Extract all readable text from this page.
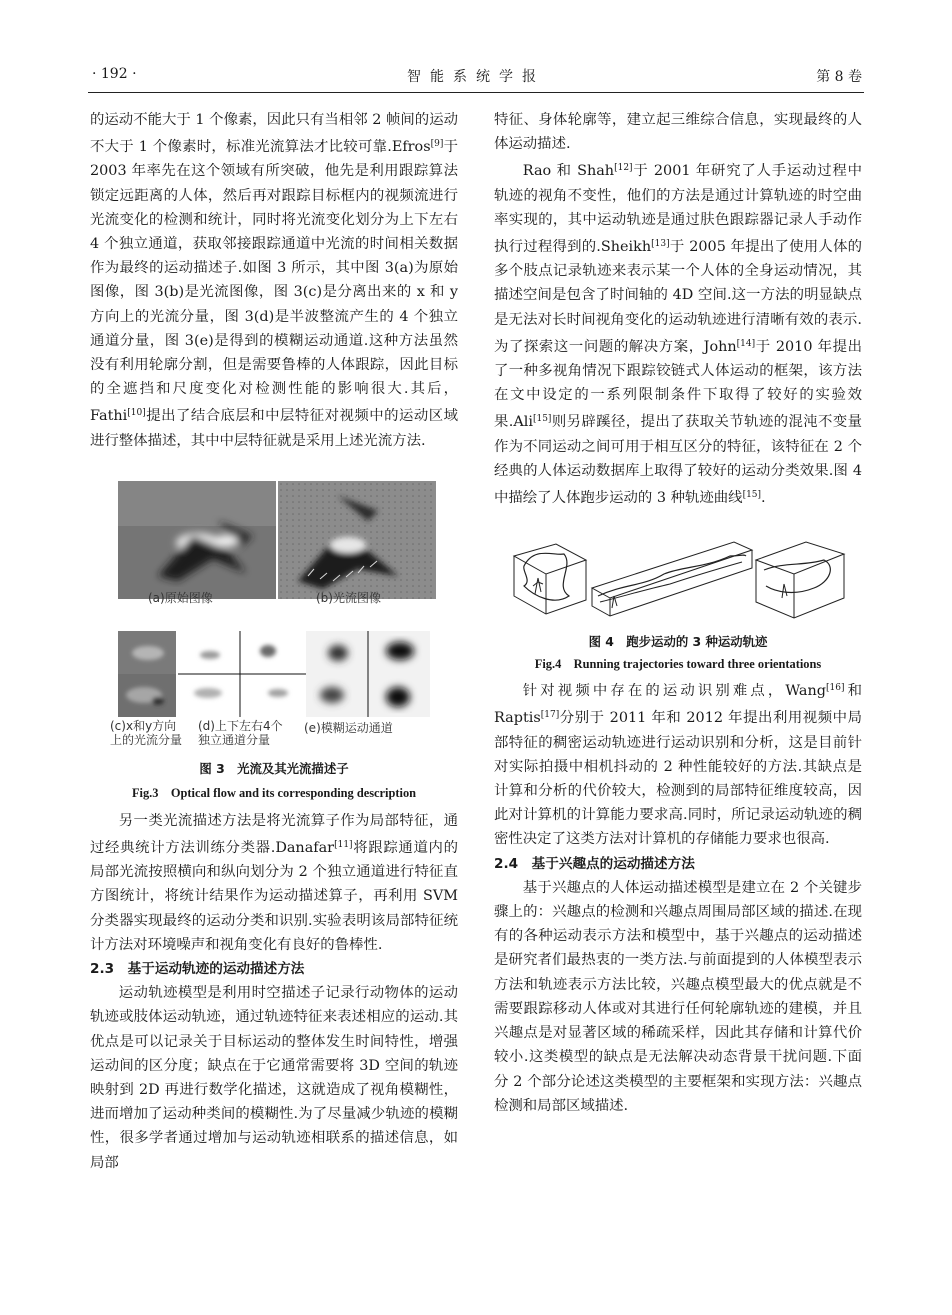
· 192 ·	智能系统学报	第 8 卷

的运动不能大于 1 个像素，因此只有当相邻 2 帧间的运动不大于 1 个像素时，标准光流算法才比较可靠.Efros[9]于 2003 年率先在这个领域有所突破，他先是利用跟踪算法锁定远距离的人体，然后再对跟踪目标框内的视频流进行光流变化的检测和统计，同时将光流变化划分为上下左右 4 个独立通道，获取邻接跟踪通道中光流的时间相关数据作为最终的运动描述子.如图 3 所示，其中图 3(a)为原始图像，图 3(b)是光流图像，图 3(c)是分离出来的 x 和 y 方向上的光流分量，图 3(d)是半波整流产生的 4 个独立通道分量，图 3(e)是得到的模糊运动通道.这种方法虽然没有利用轮廓分割，但是需要鲁棒的人体跟踪，因此目标的全遮挡和尺度变化对检测性能的影响很大.其后，Fathi[10]提出了结合底层和中层特征对视频中的运动区域进行整体描述，其中中层特征就是采用上述光流方法.

(a)原始图像	(b)光流图像
(c)x和y方向
上的光流分量
(d)上下左右4个
独立通道分量
(e)模糊运动通道
图 3　光流及其光流描述子
Fig.3　Optical flow and its corresponding description

另一类光流描述方法是将光流算子作为局部特征，通过经典统计方法训练分类器.Danafar[11]将跟踪通道内的局部光流按照横向和纵向划分为 2 个独立通道进行特征直方图统计，将统计结果作为运动描述算子，再利用 SVM 分类器实现最终的运动分类和识别.实验表明该局部特征统计方法对环境噪声和视角变化有良好的鲁棒性.

2.3　基于运动轨迹的运动描述方法

运动轨迹模型是利用时空描述子记录行动物体的运动轨迹或肢体运动轨迹，通过轨迹特征来表述相应的运动.其优点是可以记录关于目标运动的整体发生时间特性，增强运动间的区分度；缺点在于它通常需要将 3D 空间的轨迹映射到 2D 再进行数学化描述，这就造成了视角模糊性，进而增加了运动种类间的模糊性.为了尽量减少轨迹的模糊性，很多学者通过增加与运动轨迹相联系的描述信息，如局部

特征、身体轮廓等，建立起三维综合信息，实现最终的人体运动描述.

Rao 和 Shah[12]于 2001 年研究了人手运动过程中轨迹的视角不变性，他们的方法是通过计算轨迹的时空曲率实现的，其中运动轨迹是通过肤色跟踪器记录人手动作执行过程得到的.Sheikh[13]于 2005 年提出了使用人体的多个肢点记录轨迹来表示某一个人体的全身运动情况，其描述空间是包含了时间轴的 4D 空间.这一方法的明显缺点是无法对长时间视角变化的运动轨迹进行清晰有效的表示.为了探索这一问题的解决方案，John[14]于 2010 年提出了一种多视角情况下跟踪铰链式人体运动的框架，该方法在文中设定的一系列限制条件下取得了较好的实验效果.Ali[15]则另辟蹊径，提出了获取关节轨迹的混沌不变量作为不同运动之间可用于相互区分的特征，该特征在 2 个经典的人体运动数据库上取得了较好的运动分类效果.图 4 中描绘了人体跑步运动的 3 种轨迹曲线[15].

图 4　跑步运动的 3 种运动轨迹
Fig.4　Running trajectories toward three orientations

针对视频中存在的运动识别难点，Wang[16]和 Raptis[17]分别于 2011 年和 2012 年提出利用视频中局部特征的稠密运动轨迹进行运动识别和分析，这是目前针对实际拍摄中相机抖动的 2 种性能较好的方法.其缺点是计算和分析的代价较大，检测到的局部特征维度较高，因此对计算机的计算能力要求高.同时，所记录运动轨迹的稠密性决定了这类方法对计算机的存储能力要求也很高.

2.4　基于兴趣点的运动描述方法

基于兴趣点的人体运动描述模型是建立在 2 个关键步骤上的：兴趣点的检测和兴趣点周围局部区域的描述.在现有的各种运动表示方法和模型中，基于兴趣点的运动描述是研究者们最热衷的一类方法.与前面提到的人体模型表示方法和轨迹表示方法比较，兴趣点模型最大的优点就是不需要跟踪移动人体或对其进行任何轮廓轨迹的建模，并且兴趣点是对显著区域的稀疏采样，因此其存储和计算代价较小.这类模型的缺点是无法解决动态背景干扰问题.下面分 2 个部分论述这类模型的主要框架和实现方法：兴趣点检测和局部区域描述.
